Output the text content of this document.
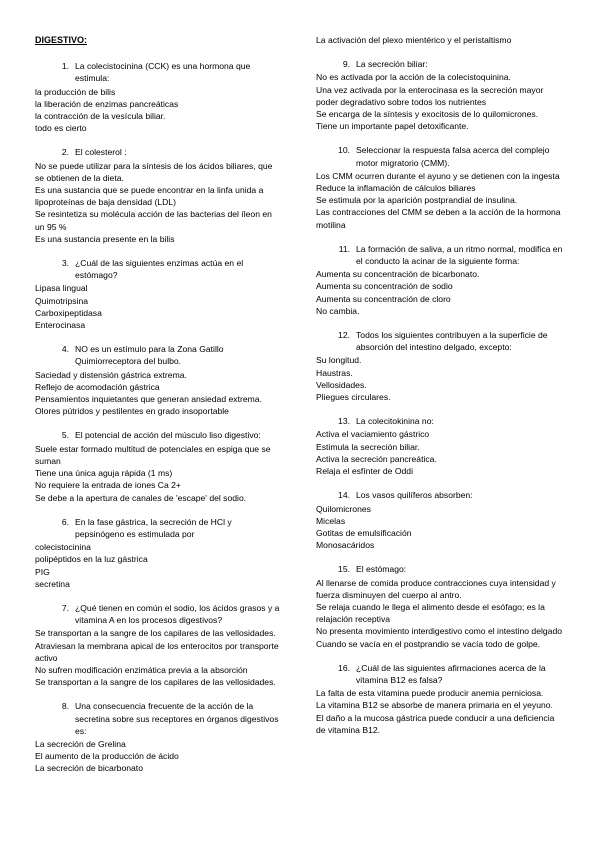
DIGESTIVO:
1. La colecistocinina (CCK) es una hormona que estimula:
la producción de bilis
la liberación de enzimas pancreáticas
la contracción de la vesícula biliar.
todo es cierto
2. El colesterol :
No se puede utilizar para la síntesis de los ácidos biliares, que se obtienen de la dieta.
Es una sustancia que se puede encontrar en la linfa unida a lipoproteínas de baja densidad (LDL)
Se resintetiza su molécula acción de las bacterias del íleon en un 95 %
Es una sustancia presente en la bilis
3. ¿Cuál de las siguientes enzimas actúa en el estómago?
Lipasa lingual
Quimotripsina
Carboxipeptidasa
Enterocinasa
4. NO es un estímulo para la Zona Gatillo Quimiorreceptora del bulbo.
Saciedad y distensión gástrica extrema.
Reflejo de acomodación gástrica
Pensamientos inquietantes que generan ansiedad extrema.
Olores pútridos y pestilentes en grado insoportable
5. El potencial de acción del músculo liso digestivo:
Suele estar formado multitud de potenciales en espiga que se suman
Tiene una única aguja rápida (1 ms)
No requiere la entrada de iones Ca 2+
Se debe a la apertura de canales de 'escape' del sodio.
6. En la fase gástrica, la secreción de HCl y pepsinógeno es estimulada por
colecistocinina
polipéptidos en la luz gástrica
PIG
secretina
7. ¿Qué tienen en común el sodio, los ácidos grasos y a vitamina A en los procesos digestivos?
Se transportan a la sangre de los capilares de las vellosidades.
Atraviesan la membrana apical de los enterocitos por transporte activo
No sufren modificación enzimática previa a la absorción
Se transportan a la sangre de los capilares de las vellosidades.
8. Una consecuencia frecuente de la acción de la secretina sobre sus receptores en órganos digestivos es:
La secreción de Grelina
El aumento de la producción de ácido
La secreción de bicarbonato
La activación del plexo mientérico y el peristaltismo
9. La secreción biliar:
No es activada por la acción de la colecistoquinina.
Una vez activada por la enterocinasa es la secreción mayor poder degradativo sobre todos los nutrientes
Se encarga de la síntesis y exocitosis de lo quilomicrones.
Tiene un importante papel detoxificante.
10. Seleccionar la respuesta falsa acerca del complejo motor migratorio (CMM).
Los CMM ocurren durante el ayuno y se detienen con la ingesta
Reduce la inflamación de cálculos biliares
Se estimula por la aparición postprandial de insulina.
Las contracciones del CMM se deben a la acción de la hormona motilina
11. La formación de saliva, a un ritmo normal, modifica en el conducto la acinar de la siguiente forma:
Aumenta su concentración de bicarbonato.
Aumenta su concentración de sodio
Aumenta su concentración de cloro
No cambia.
12. Todos los siguientes contribuyen a la superficie de absorción del intestino delgado, excepto:
Su longitud.
Haustras.
Vellosidades.
Pliegues circulares.
13. La colecitokinina no:
Activa el vaciamiento gástrico
Estimula la secreción biliar.
Activa la secreción pancreática.
Relaja el esfínter de Oddi
14. Los vasos quilíferos absorben:
Quilomicrones
Micelas
Gotitas de emulsificación
Monosacáridos
15. El estómago:
Al llenarse de comida produce contracciones cuya intensidad y fuerza disminuyen del cuerpo al antro.
Se relaja cuando le llega el alimento desde el esófago; es la relajación receptiva
No presenta movimiento interdigestivo como el intestino delgado
Cuando se vacía en el postprandio se vacía todo de golpe.
16. ¿Cuál de las siguientes afirmaciones acerca de la vitamina B12 es falsa?
La falta de esta vitamina puede producir anemia perniciosa.
La vitamina B12 se absorbe de manera primaria en el yeyuno.
El daño a la mucosa gástrica puede conducir a una deficiencia de vitamina B12.
